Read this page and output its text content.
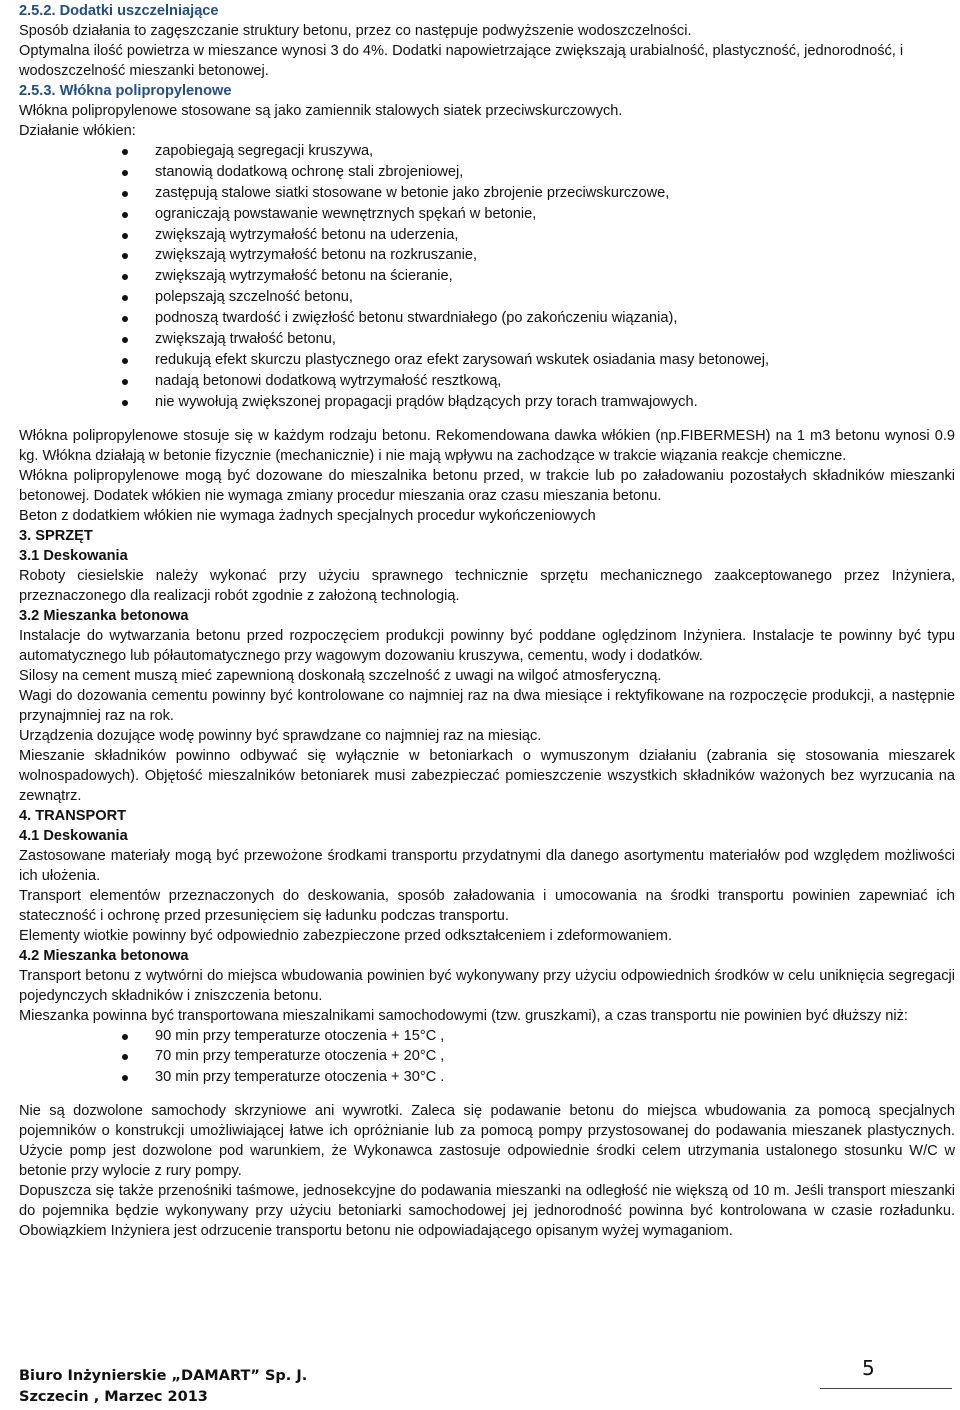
2.5.2. Dodatki uszczelniające

Sposób działania to zagęszczanie struktury betonu, przez co następuje podwyższenie wodoszczelności.

Optymalna ilość powietrza w mieszance wynosi 3 do 4%. Dodatki napowietrzające zwiększają urabialność, plastyczność, jednorodność, i wodoszczelność mieszanki betonowej.

2.5.3. Włókna polipropylenowe

Włókna polipropylenowe stosowane są jako zamiennik stalowych siatek przeciwskurczowych.

Działanie włókien:

zapobiegają segregacji kruszywa,
stanowią dodatkową ochronę stali zbrojeniowej,
zastępują stalowe siatki stosowane w betonie jako zbrojenie przeciwskurczowe,
ograniczają powstawanie wewnętrznych spękań w betonie,
zwiększają wytrzymałość betonu na uderzenia,
zwiększają wytrzymałość betonu na rozkruszanie,
zwiększają wytrzymałość betonu na ścieranie,
polepszają szczelność betonu,
podnoszą twardość i zwięzłość betonu stwardniałego (po zakończeniu wiązania),
zwiększają trwałość betonu,
redukują efekt skurczu plastycznego oraz efekt zarysowań wskutek osiadania masy betonowej,
nadają betonowi dodatkową wytrzymałość resztkową,
nie wywołują zwiększonej propagacji prądów błądzących przy torach tramwajowych.

Włókna polipropylenowe stosuje się w każdym rodzaju betonu. Rekomendowana dawka włókien (np.FIBERMESH) na 1 m3 betonu wynosi 0.9 kg. Włókna działają w betonie fizycznie (mechanicznie) i nie mają wpływu na zachodzące w trakcie wiązania reakcje chemiczne.

Włókna polipropylenowe mogą być dozowane do mieszalnika betonu przed, w trakcie lub po załadowaniu pozostałych składników mieszanki betonowej. Dodatek włókien nie wymaga zmiany procedur mieszania oraz czasu mieszania betonu.

Beton z dodatkiem włókien nie wymaga żadnych specjalnych procedur wykończeniowych

3. SPRZĘT

3.1 Deskowania

Roboty ciesielskie należy wykonać przy użyciu sprawnego technicznie sprzętu mechanicznego zaakceptowanego przez Inżyniera, przeznaczonego dla realizacji robót zgodnie z założoną technologią.

3.2 Mieszanka betonowa

Instalacje do wytwarzania betonu przed rozpoczęciem produkcji powinny być poddane oględzinom Inżyniera. Instalacje te powinny być typu automatycznego lub półautomatycznego przy wagowym dozowaniu kruszywa, cementu, wody i dodatków.

Silosy na cement muszą mieć zapewnioną doskonałą szczelność z uwagi na wilgoć atmosferyczną.

Wagi do dozowania cementu powinny być kontrolowane co najmniej raz na dwa miesiące i rektyfikowane na rozpoczęcie produkcji, a następnie przynajmniej raz na rok.

Urządzenia dozujące wodę powinny być sprawdzane co najmniej raz na miesiąc.

Mieszanie składników powinno odbywać się wyłącznie w betoniarkach o wymuszonym działaniu (zabrania się stosowania mieszarek wolnospadowych). Objętość mieszalników betoniarek musi zabezpieczać pomieszczenie wszystkich składników ważonych bez wyrzucania na zewnątrz.

4. TRANSPORT

4.1 Deskowania

Zastosowane materiały mogą być przewożone środkami transportu przydatnymi dla danego asortymentu materiałów pod względem możliwości ich ułożenia.

Transport elementów przeznaczonych do deskowania, sposób załadowania i umocowania na środki transportu powinien zapewniać ich stateczność i ochronę przed przesunięciem się ładunku podczas transportu.

Elementy wiotkie powinny być odpowiednio zabezpieczone przed odkształceniem i zdeformowaniem.

4.2 Mieszanka betonowa

Transport betonu z wytwórni do miejsca wbudowania powinien być wykonywany przy użyciu odpowiednich środków w celu uniknięcia segregacji pojedynczych składników i zniszczenia betonu.

Mieszanka powinna być transportowana mieszalnikami samochodowymi (tzw. gruszkami), a czas transportu nie powinien być dłuższy niż:

90 min przy temperaturze otoczenia + 15°C ,
70 min przy temperaturze otoczenia + 20°C ,
30 min przy temperaturze otoczenia + 30°C .

Nie są dozwolone samochody skrzyniowe ani wywrotki. Zaleca się podawanie betonu do miejsca wbudowania za pomocą specjalnych pojemników o konstrukcji umożliwiającej łatwe ich opróżnianie lub za pomocą pompy przystosowanej do podawania mieszanek plastycznych. Użycie pomp jest dozwolone pod warunkiem, że Wykonawca zastosuje odpowiednie środki celem utrzymania ustalonego stosunku W/C w betonie przy wylocie z rury pompy.

Dopuszcza się także przenośniki taśmowe, jednosekcyjne do podawania mieszanki na odległość nie większą od 10 m. Jeśli transport mieszanki do pojemnika będzie wykonywany przy użyciu betoniarki samochodowej jej jednorodność powinna być kontrolowana w czasie rozładunku. Obowiązkiem Inżyniera jest odrzucenie transportu betonu nie odpowiadającego opisanym wyżej wymaganiom.

Biuro Inżynierskie „DAMART” Sp. J.
Szczecin , Marzec 2013
5
